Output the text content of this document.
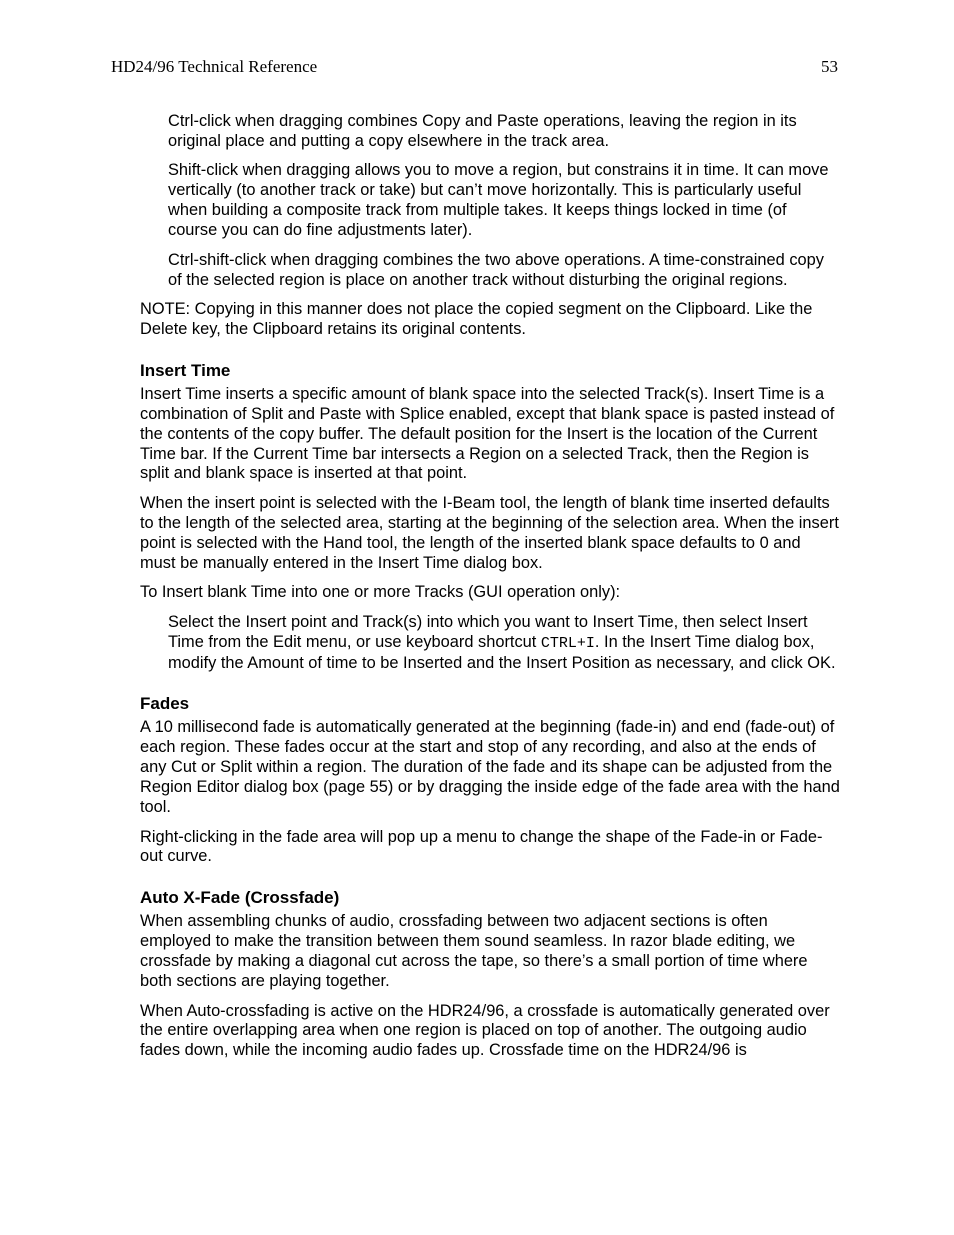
HD24/96 Technical Reference	53

Ctrl-click when dragging combines Copy and Paste operations, leaving the region in its original place and putting a copy elsewhere in the track area.

Shift-click when dragging allows you to move a region, but constrains it in time. It can move vertically (to another track or take) but can’t move horizontally. This is particularly useful when building a composite track from multiple takes. It keeps things locked in time (of course you can do fine adjustments later).

Ctrl-shift-click when dragging combines the two above operations. A time-constrained copy of the selected region is place on another track without disturbing the original regions.

NOTE: Copying in this manner does not place the copied segment on the Clipboard. Like the Delete key, the Clipboard retains its original contents.

Insert Time

Insert Time inserts a specific amount of blank space into the selected Track(s). Insert Time is a combination of Split and Paste with Splice enabled, except that blank space is pasted instead of the contents of the copy buffer. The default position for the Insert is the location of the Current Time bar. If the Current Time bar intersects a Region on a selected Track, then the Region is split and blank space is inserted at that point.

When the insert point is selected with the I-Beam tool, the length of blank time inserted defaults to the length of the selected area, starting at the beginning of the selection area. When the insert point is selected with the Hand tool, the length of the inserted blank space defaults to 0 and must be manually entered in the Insert Time dialog box.

To Insert blank Time into one or more Tracks (GUI operation only):

Select the Insert point and Track(s) into which you want to Insert Time, then select Insert Time from the Edit menu, or use keyboard shortcut CTRL+I. In the Insert Time dialog box, modify the Amount of time to be Inserted and the Insert Position as necessary, and click OK.

Fades

A 10 millisecond fade is automatically generated at the beginning (fade-in) and end (fade-out) of each region. These fades occur at the start and stop of any recording, and also at the ends of any Cut or Split within a region. The duration of the fade and its shape can be adjusted from the Region Editor dialog box (page 55) or by dragging the inside edge of the fade area with the hand tool.

Right-clicking in the fade area will pop up a menu to change the shape of the Fade-in or Fade-out curve.

Auto X-Fade (Crossfade)

When assembling chunks of audio, crossfading between two adjacent sections is often employed to make the transition between them sound seamless. In razor blade editing, we crossfade by making a diagonal cut across the tape, so there’s a small portion of time where both sections are playing together.

When Auto-crossfading is active on the HDR24/96, a crossfade is automatically generated over the entire overlapping area when one region is placed on top of another. The outgoing audio fades down, while the incoming audio fades up. Crossfade time on the HDR24/96 is
